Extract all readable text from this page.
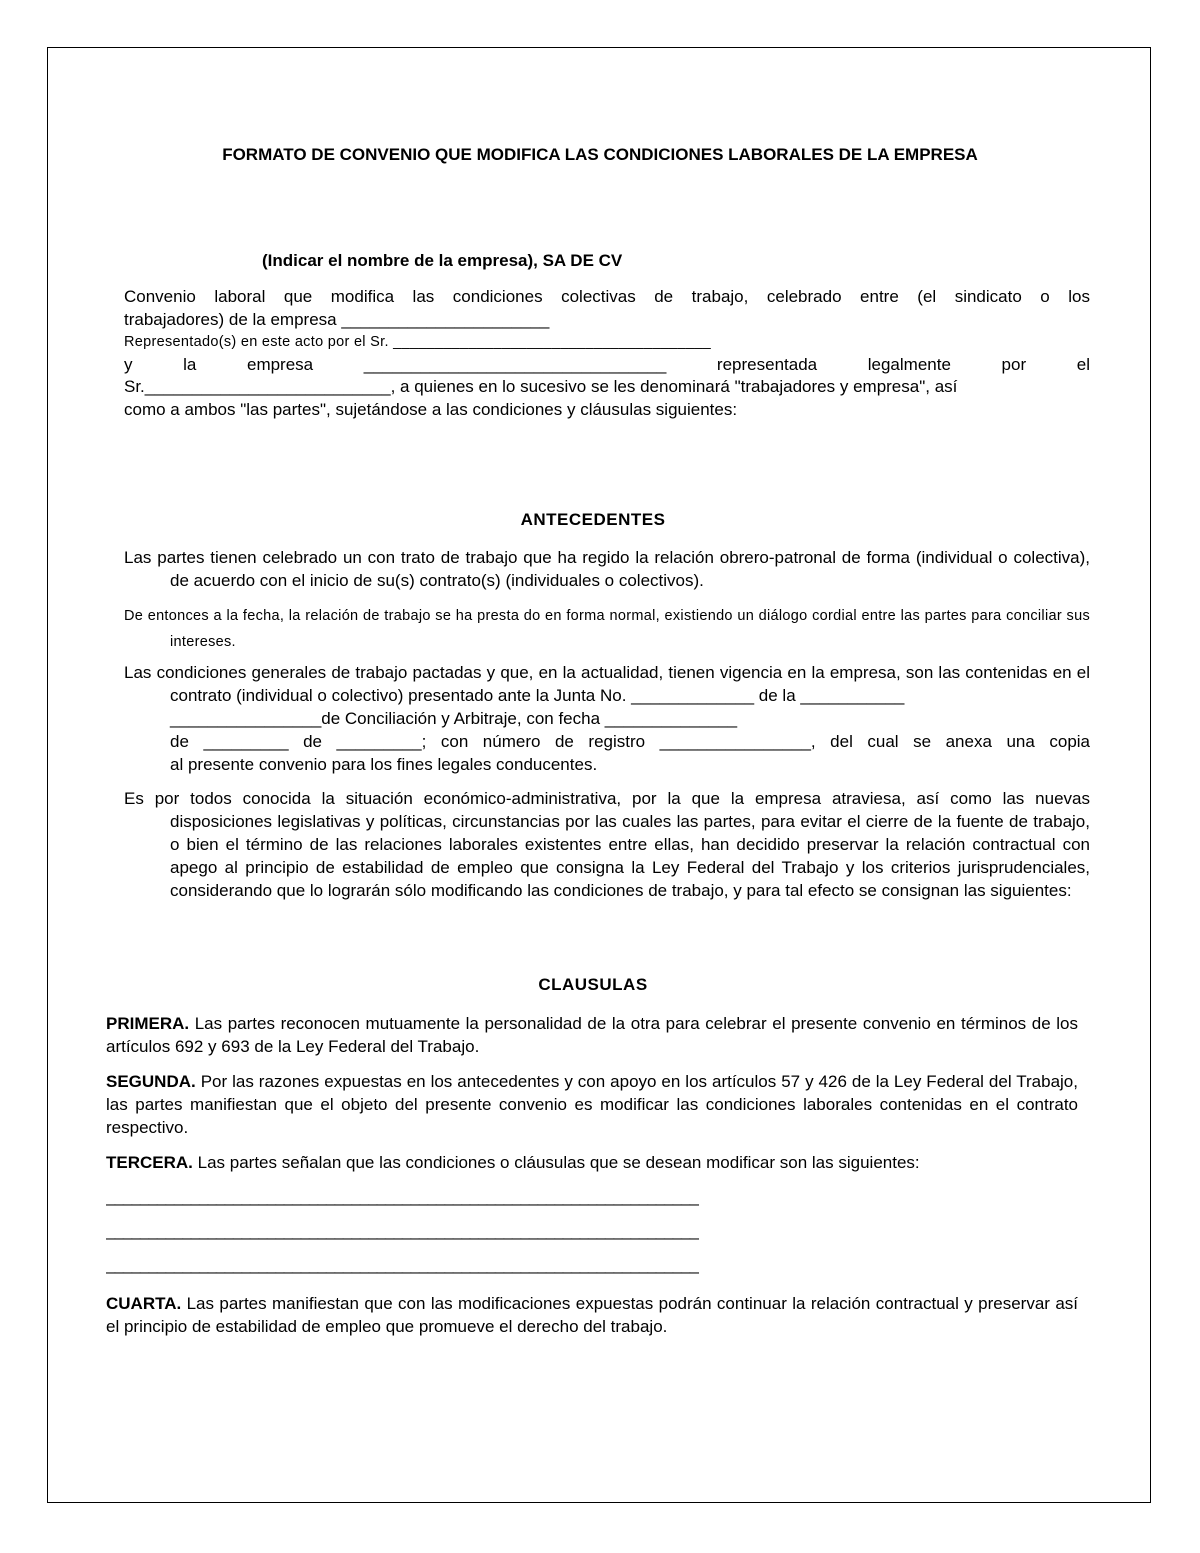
FORMATO DE CONVENIO QUE MODIFICA LAS CONDICIONES LABORALES DE LA EMPRESA
(Indicar el nombre de la empresa), SA DE CV

Convenio laboral que modifica las condiciones colectivas de trabajo, celebrado entre (el sindicato o los

trabajadores) de la empresa ______________________

Representado(s) en este acto por el Sr. ______________________________________

y	la	empresa	________________________________	representada	legalmente	por	el

Sr.__________________________, a quienes en lo sucesivo se les denominará "trabajadores y empresa", así

como a ambos "las partes", sujetándose a las condiciones y cláusulas siguientes:

ANTECEDENTES

Las partes tienen celebrado un con trato de trabajo que ha regido la relación obrero-patronal de forma (individual o colectiva), de acuerdo con el inicio de su(s) contrato(s) (individuales o colectivos).

De entonces a la fecha, la relación de trabajo se ha presta do en forma normal, existiendo un diálogo cordial entre las partes para conciliar sus intereses.

Las condiciones generales de trabajo pactadas y que, en la actualidad, tienen vigencia en la empresa, son las contenidas en el contrato (individual o colectivo) presentado ante la Junta No. _____________ de la ___________

________________de Conciliación y Arbitraje, con fecha ______________

de _________ de _________; con número de registro ________________, del cual se anexa una copia

al presente convenio para los fines legales conducentes.

Es por todos conocida la situación económico-administrativa, por la que la empresa atraviesa, así como las nuevas disposiciones legislativas y políticas, circunstancias por las cuales las partes, para evitar el cierre de la fuente de trabajo, o bien el término de las relaciones laborales existentes entre ellas, han decidido preservar la relación contractual con apego al principio de estabilidad de empleo que consigna la Ley Federal del Trabajo y los criterios jurisprudenciales, considerando que lo lograrán sólo modificando las condiciones de trabajo, y para tal efecto se consignan las siguientes:

CLAUSULAS

PRIMERA. Las partes reconocen mutuamente la personalidad de la otra para celebrar el presente convenio en términos de los artículos 692 y 693 de la Ley Federal del Trabajo.

SEGUNDA. Por las razones expuestas en los antecedentes y con apoyo en los artículos 57 y 426 de la Ley Federal del Trabajo, las partes manifiestan que el objeto del presente convenio es modificar las condiciones laborales contenidas en el contrato respectivo.

TERCERA. Las partes señalan que las condiciones o cláusulas que se desean modificar son las siguientes:

______________________________________________________________________
______________________________________________________________________
______________________________________________________________________

CUARTA. Las partes manifiestan que con las modificaciones expuestas podrán continuar la relación contractual y preservar así el principio de estabilidad de empleo que promueve el derecho del trabajo.
